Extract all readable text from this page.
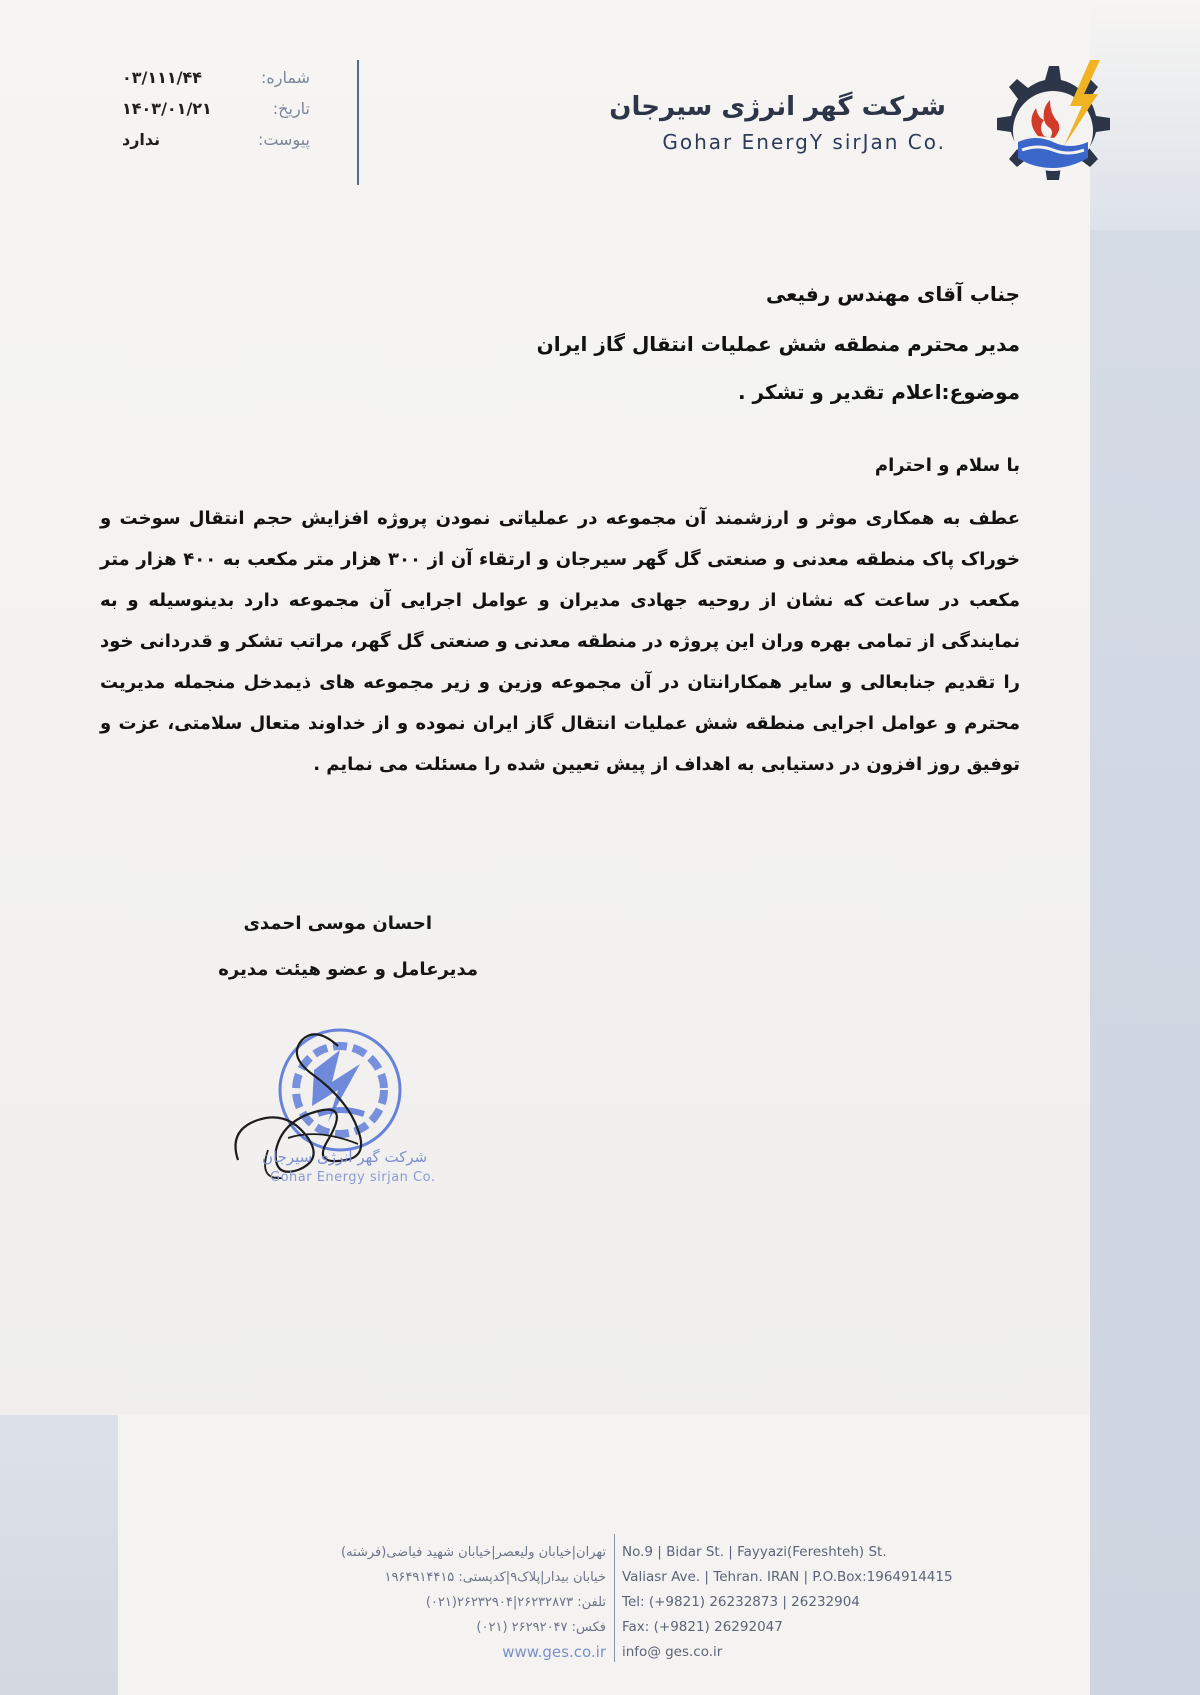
شرکت گهر انرژی سیرجان
Gohar EnergY sirJan Co.
شماره:
۰۳/۱۱۱/۴۴
تاریخ:
۱۴۰۳/۰۱/۲۱
پیوست:
ندارد
جناب آقای مهندس رفیعی
مدیر محترم منطقه شش عملیات انتقال گاز ایران
موضوع:اعلام تقدیر و تشکر .
با سلام و احترام
عطف به همکاری موثر و ارزشمند آن مجموعه در عملیاتی نمودن پروژه افزایش حجم انتقال سوخت و خوراک پاک منطقه معدنی و صنعتی گل گهر سیرجان و ارتقاء آن از ۳۰۰ هزار متر مکعب به ۴۰۰ هزار متر مکعب در ساعت که نشان از روحیه جهادی مدیران و عوامل اجرایی آن مجموعه دارد بدینوسیله و به نمایندگی از تمامی بهره وران این پروژه در منطقه معدنی و صنعتی گل گهر، مراتب تشکر و قدردانی خود را تقدیم جنابعالی و سایر همکارانتان در آن مجموعه وزین و زیر مجموعه های ذیمدخل منجمله مدیریت محترم و عوامل اجرایی منطقه شش عملیات انتقال گاز ایران نموده و از خداوند متعال سلامتی، عزت و توفیق روز افزون در دستیابی به اهداف از پیش تعیین شده را مسئلت می نمایم .
احسان موسی احمدی
مدیرعامل و عضو هیئت مدیره
شرکت گهر انرژی سیرجان
Gohar Energy sirjan Co.
تهران|خیابان ولیعصر|خیابان شهید فیاضی(فرشته)
خیابان بیدار|پلاک۹|کدپستی: ۱۹۶۴۹۱۴۴۱۵
تلفن: ۲۶۲۳۲۸۷۳|۲۶۲۳۲۹۰۴(۰۲۱)
فکس: ۲۶۲۹۲۰۴۷ (۰۲۱)
www.ges.co.ir
No.9 | Bidar St. | Fayyazi(Fereshteh) St.
Valiasr Ave. | Tehran. IRAN | P.O.Box:1964914415
Tel: (+9821) 26232873 | 26232904
Fax: (+9821) 26292047
info@ ges.co.ir
